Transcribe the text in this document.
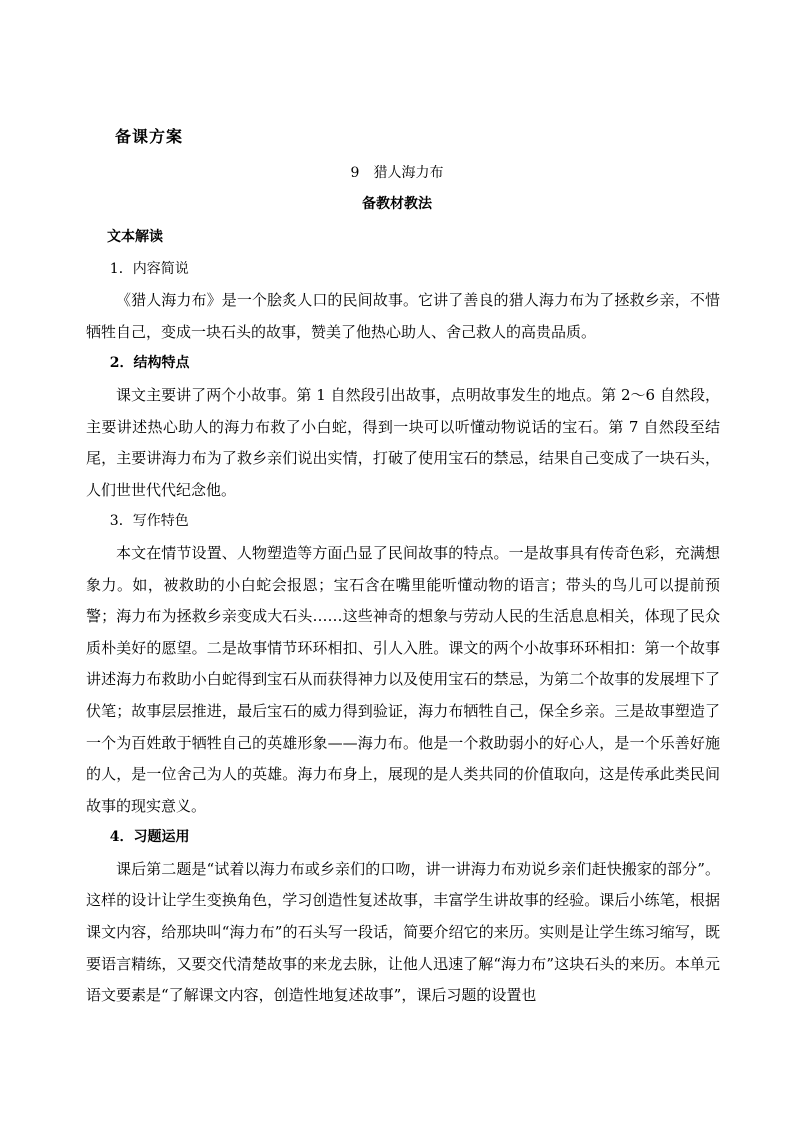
备课方案
9 猎人海力布
备教材教法

文本解读

1．内容简说

《猎人海力布》是一个脍炙人口的民间故事。它讲了善良的猎人海力布为了拯救乡亲，不惜牺牲自己，变成一块石头的故事，赞美了他热心助人、舍己救人的高贵品质。

2．结构特点

课文主要讲了两个小故事。第 1 自然段引出故事，点明故事发生的地点。第 2～6 自然段，主要讲述热心助人的海力布救了小白蛇，得到一块可以听懂动物说话的宝石。第 7 自然段至结尾，主要讲海力布为了救乡亲们说出实情，打破了使用宝石的禁忌，结果自己变成了一块石头，人们世世代代纪念他。

3．写作特色

本文在情节设置、人物塑造等方面凸显了民间故事的特点。一是故事具有传奇色彩，充满想象力。如，被救助的小白蛇会报恩；宝石含在嘴里能听懂动物的语言；带头的鸟儿可以提前预警；海力布为拯救乡亲变成大石头……这些神奇的想象与劳动人民的生活息息相关，体现了民众质朴美好的愿望。二是故事情节环环相扣、引人入胜。课文的两个小故事环环相扣：第一个故事讲述海力布救助小白蛇得到宝石从而获得神力以及使用宝石的禁忌，为第二个故事的发展埋下了伏笔；故事层层推进，最后宝石的威力得到验证，海力布牺牲自己，保全乡亲。三是故事塑造了一个为百姓敢于牺牲自己的英雄形象——海力布。他是一个救助弱小的好心人，是一个乐善好施的人，是一位舍己为人的英雄。海力布身上，展现的是人类共同的价值取向，这是传承此类民间故事的现实意义。

4．习题运用

课后第二题是“试着以海力布或乡亲们的口吻，讲一讲海力布劝说乡亲们赶快搬家的部分”。这样的设计让学生变换角色，学习创造性复述故事，丰富学生讲故事的经验。课后小练笔，根据课文内容，给那块叫“海力布”的石头写一段话，简要介绍它的来历。实则是让学生练习缩写，既要语言精练，又要交代清楚故事的来龙去脉，让他人迅速了解“海力布”这块石头的来历。本单元语文要素是“了解课文内容，创造性地复述故事”，课后习题的设置也
